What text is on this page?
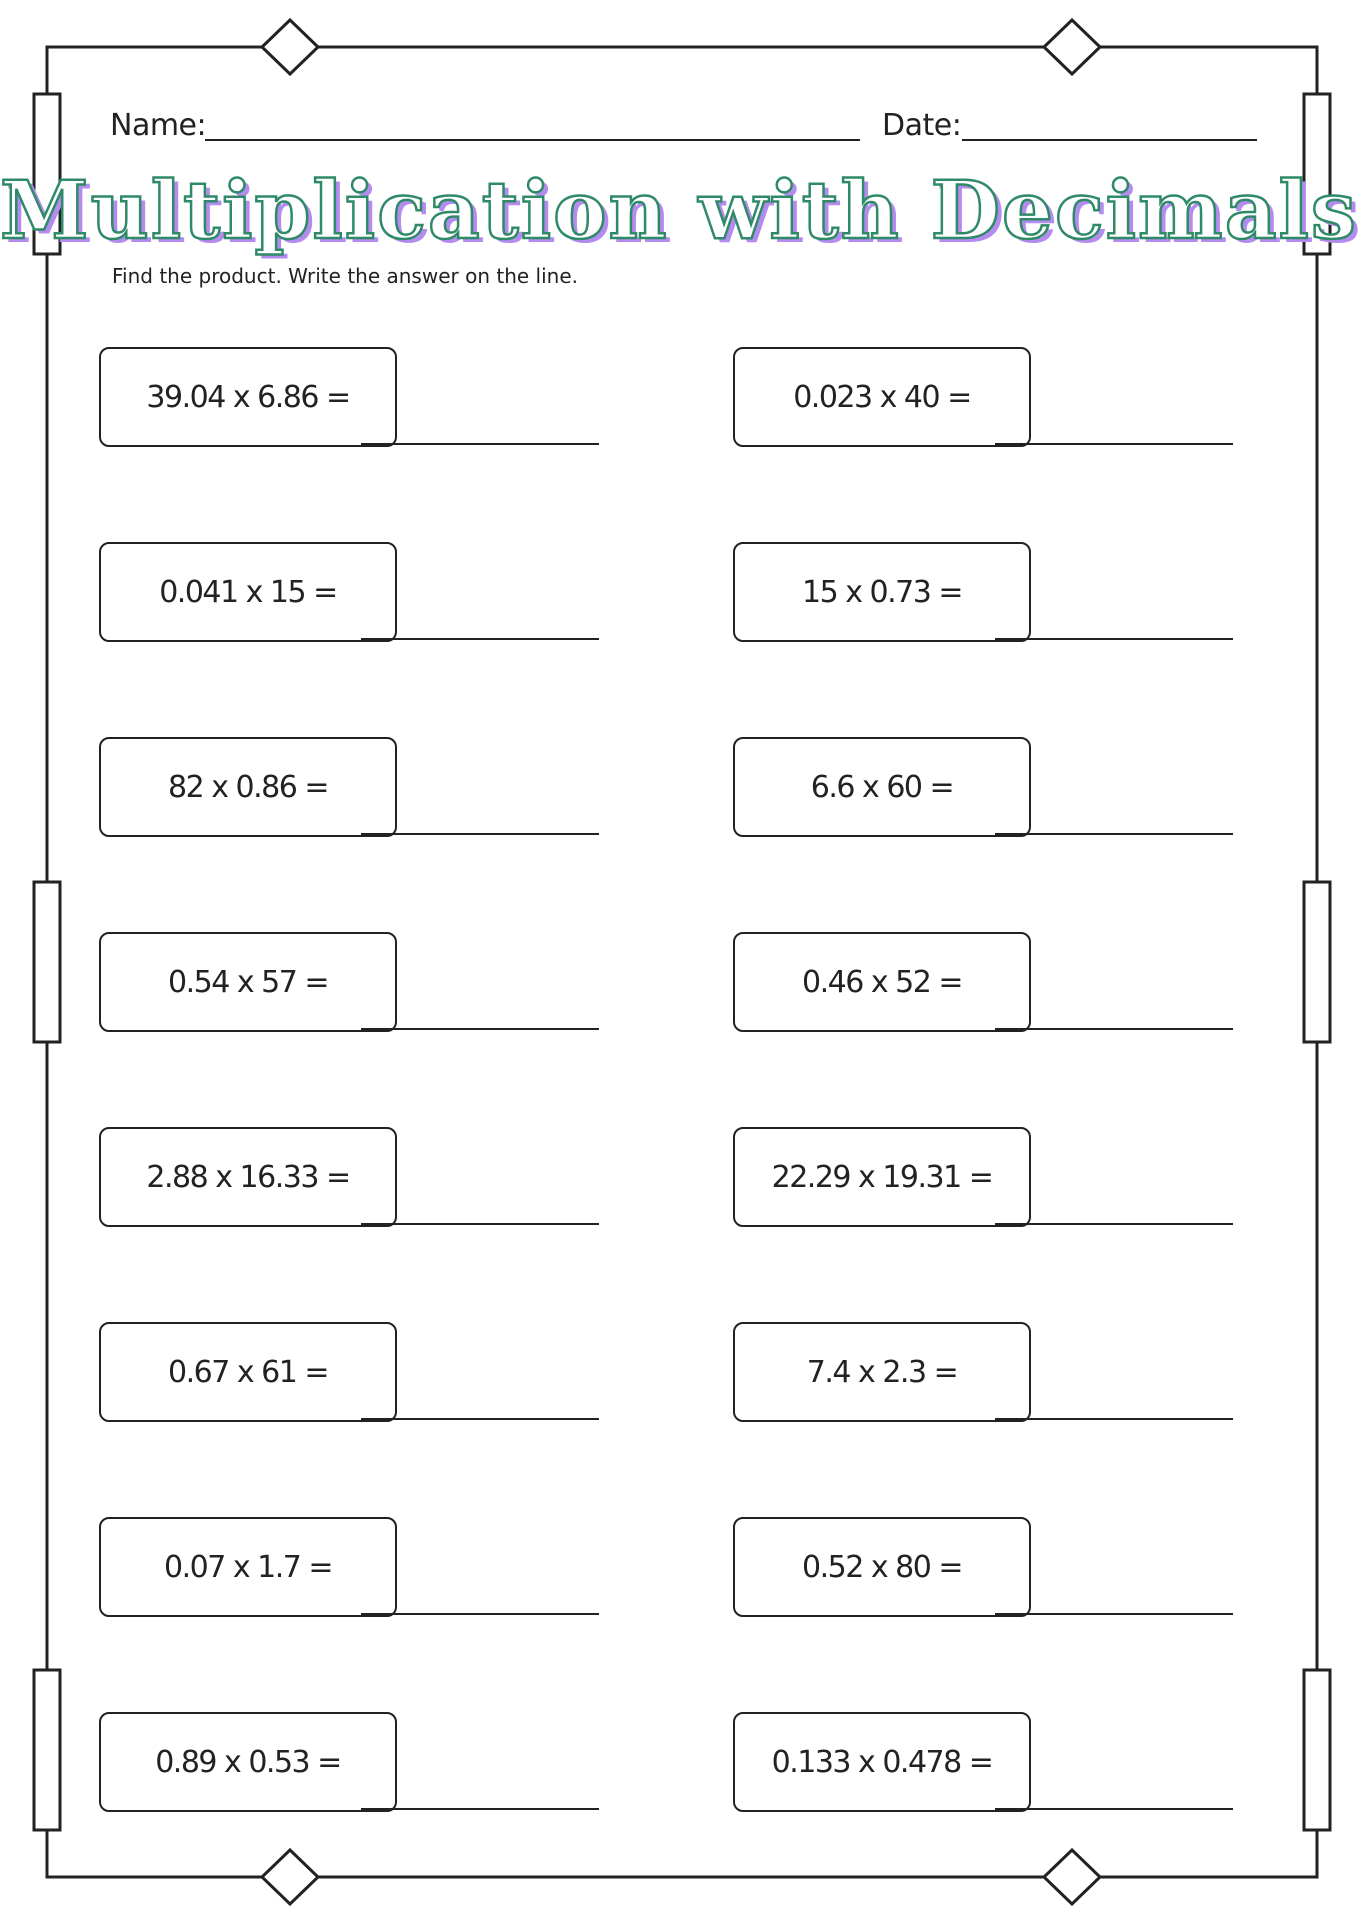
Name:	Date:
Multiplication with Decimals
Find the product. Write the answer on the line.
39.04 x 6.86 =
0.041 x 15 =
82 x 0.86 =
0.54 x 57 =
2.88 x 16.33 =
0.67 x 61 =
0.07 x 1.7 =
0.89 x 0.53 =
0.023 x 40 =
15 x 0.73 =
6.6 x 60 =
0.46 x 52 =
22.29 x 19.31 =
7.4 x 2.3 =
0.52 x 80 =
0.133 x 0.478 =
